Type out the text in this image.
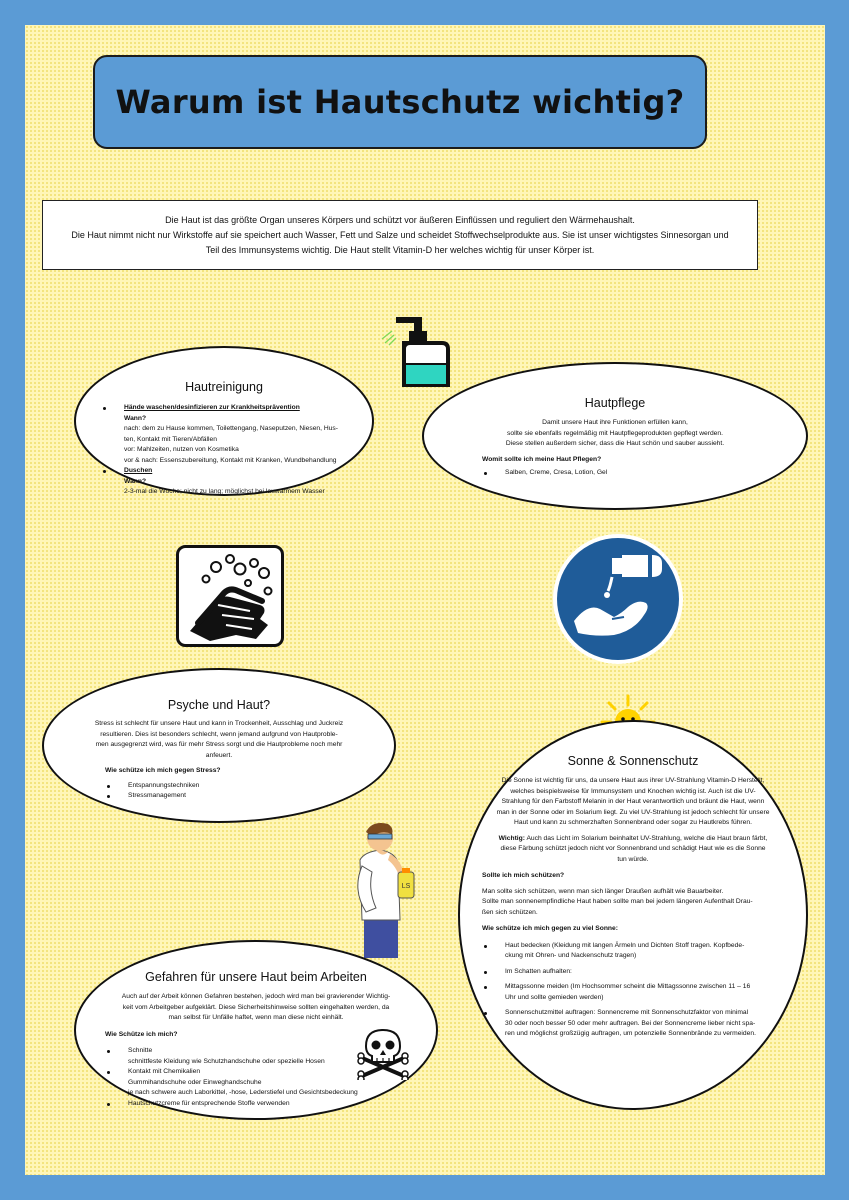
Warum ist Hautschutz wichtig?
Die Haut ist das größte Organ unseres Körpers und schützt vor äußeren Einflüssen und reguliert den Wärmehaushalt.
Die Haut nimmt nicht nur Wirkstoffe auf sie speichert auch Wasser, Fett und Salze und scheidet Stoffwechselprodukte aus. Sie ist unser wichtigstes Sinnesorgan und
Teil des Immunsystems wichtig. Die Haut stellt Vitamin-D her welches wichtig für unser Körper ist.
Hautreinigung
Hände waschen/desinfizieren zur Krankheitsprävention
Wann?
nach: dem zu Hause kommen, Toilettengang, Naseputzen, Niesen, Hus-
ten, Kontakt mit Tieren/Abfällen
vor: Mahlzeiten, nutzen von Kosmetika
vor & nach: Essenszubereitung, Kontakt mit Kranken, Wundbehandlung
Duschen
Wann?
2-3-mal die Woche; nicht zu lang; möglichst bei lauwarmem Wasser
Hautpflege
Damit unsere Haut ihre Funktionen erfüllen kann,
sollte sie ebenfalls regelmäßig mit Hautpflegeprodukten gepflegt werden.
Diese stellen außerdem sicher, dass die Haut schön und sauber aussieht.
Womit sollte ich meine Haut Pflegen?
Salben, Creme, Cresa, Lotion, Gel
Psyche und Haut?
Stress ist schlecht für unsere Haut und kann in Trockenheit, Ausschlag und Juckreiz
resultieren. Dies ist besonders schlecht, wenn jemand aufgrund von Hautproble-
men ausgegrenzt wird, was für mehr Stress sorgt und die Hautprobleme noch mehr
anfeuert.
Wie schütze ich mich gegen Stress?
Entspannungstechniken
Stressmanagement
Sonne & Sonnenschutz
Die Sonne ist wichtig für uns, da unsere Haut aus ihrer UV-Strahlung Vitamin-D Herstellt,
welches beispielsweise für Immunsystem und Knochen wichtig ist. Auch ist die UV-
Strahlung für den Farbstoff Melanin in der Haut verantwortlich und bräunt die Haut, wenn
man in der Sonne oder im Solarium liegt. Zu viel UV-Strahlung ist jedoch schlecht für unsere
Haut und kann zu schmerzhaften Sonnenbrand oder sogar zu Hautkrebs führen.
Wichtig: Auch das Licht im Solarium beinhaltet UV-Strahlung, welche die Haut braun färbt,
diese Färbung schützt jedoch nicht vor Sonnenbrand und schädigt Haut wie es die Sonne
tun würde.
Sollte ich mich schützen?
Man sollte sich schützen, wenn man sich länger Draußen aufhält wie Bauarbeiter.
Sollte man sonnenempfindliche Haut haben sollte man bei jedem längeren Aufenthalt Drau-
ßen sich schützen.
Wie schütze ich mich gegen zu viel Sonne:
Haut bedecken (Kleidung mit langen Ärmeln und Dichten Stoff tragen. Kopfbede-
ckung mit Ohren- und Nackenschutz tragen)
Im Schatten aufhalten:
Mittagssonne meiden (Im Hochsommer scheint die Mittagssonne zwischen 11 – 16
Uhr und sollte gemieden werden)
Sonnenschutzmittel auftragen: Sonnencreme mit Sonnenschutzfaktor von minimal
30 oder noch besser 50 oder mehr auftragen. Bei der Sonnencreme lieber nicht spa-
ren und möglichst großzügig auftragen, um potenzielle Sonnenbrände zu vermeiden.
LS
Gefahren für unsere Haut beim Arbeiten
Auch auf der Arbeit können Gefahren bestehen, jedoch wird man bei gravierender Wichtig-
keit vom Arbeitgeber aufgeklärt. Diese Sicherheitshinweise sollten eingehalten werden, da
man selbst für Unfälle haftet, wenn man diese nicht einhält.
Wie Schütze ich mich?
Schnitte
schnittfeste Kleidung wie Schutzhandschuhe oder spezielle Hosen
Kontakt mit Chemikalien
Gummihandschuhe oder Einweghandschuhe
je nach schwere auch Laborkittel, -hose, Lederstiefel und Gesichtsbedeckung
Hautschutzcreme für entsprechende Stoffe verwenden
